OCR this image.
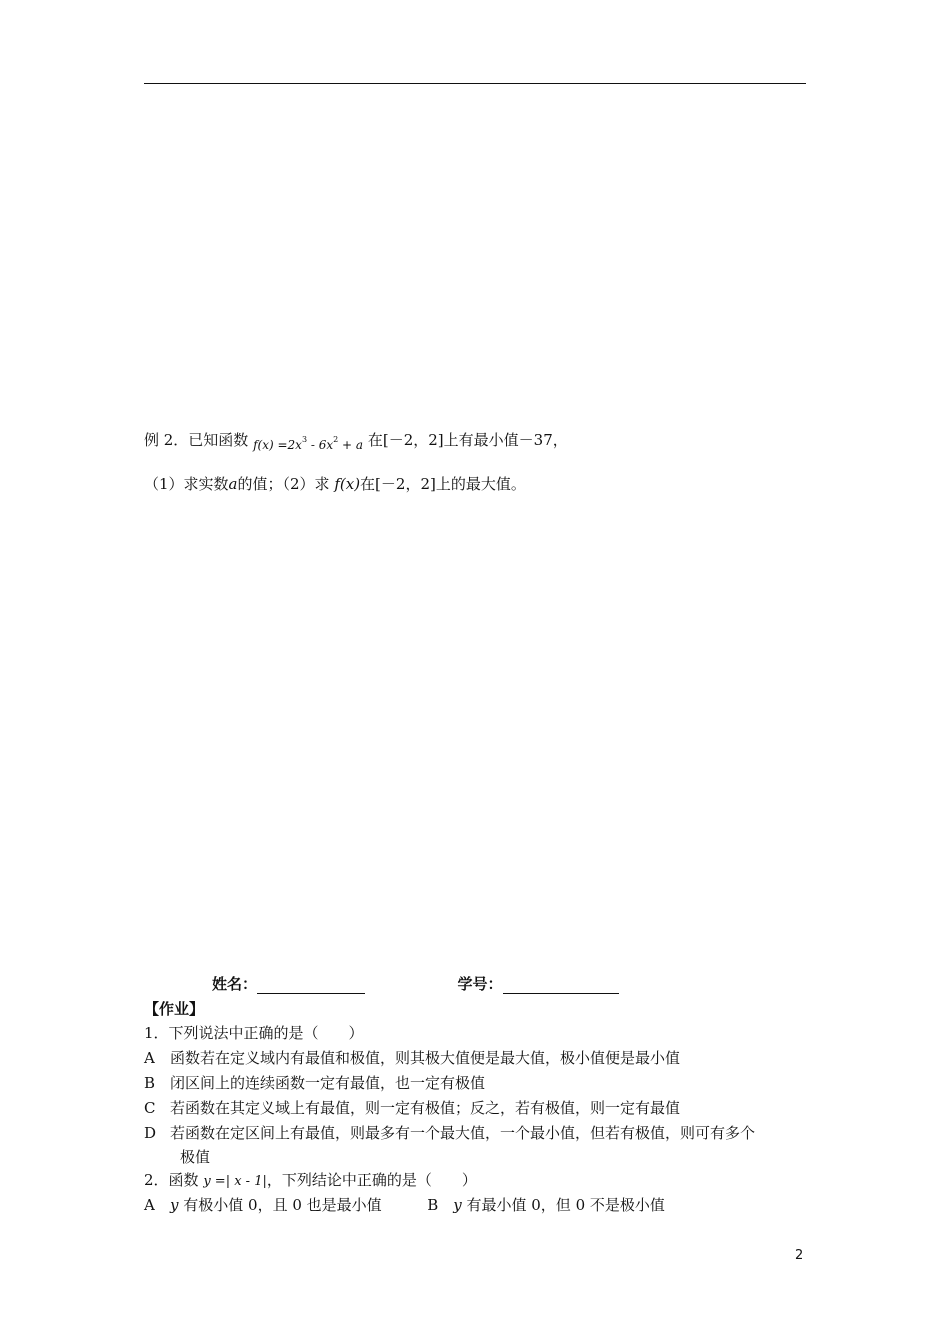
例 2．已知函数 $_{f(x) =2x^3 - 6x^2 + a}$ 在[－2，2]上有最小值－37，
（1）求实数a的值；（2）求 f(x)在[－2，2]上的最大值。
姓名：	学号：
【作业】
1．下列说法中正确的是（　　）
A 函数若在定义域内有最值和极值，则其极大值便是最大值，极小值便是最小值
B 闭区间上的连续函数一定有最值，也一定有极值
C 若函数在其定义域上有最值，则一定有极值；反之，若有极值，则一定有最值
D 若函数在定区间上有最值，则最多有一个最大值，一个最小值，但若有极值，则可有多个
极值
2．函数 y =| x - 1|，下列结论中正确的是（　　）
A y 有极小值 0，且 0 也是最小值	B y 有最小值 0，但 0 不是极小值
2
